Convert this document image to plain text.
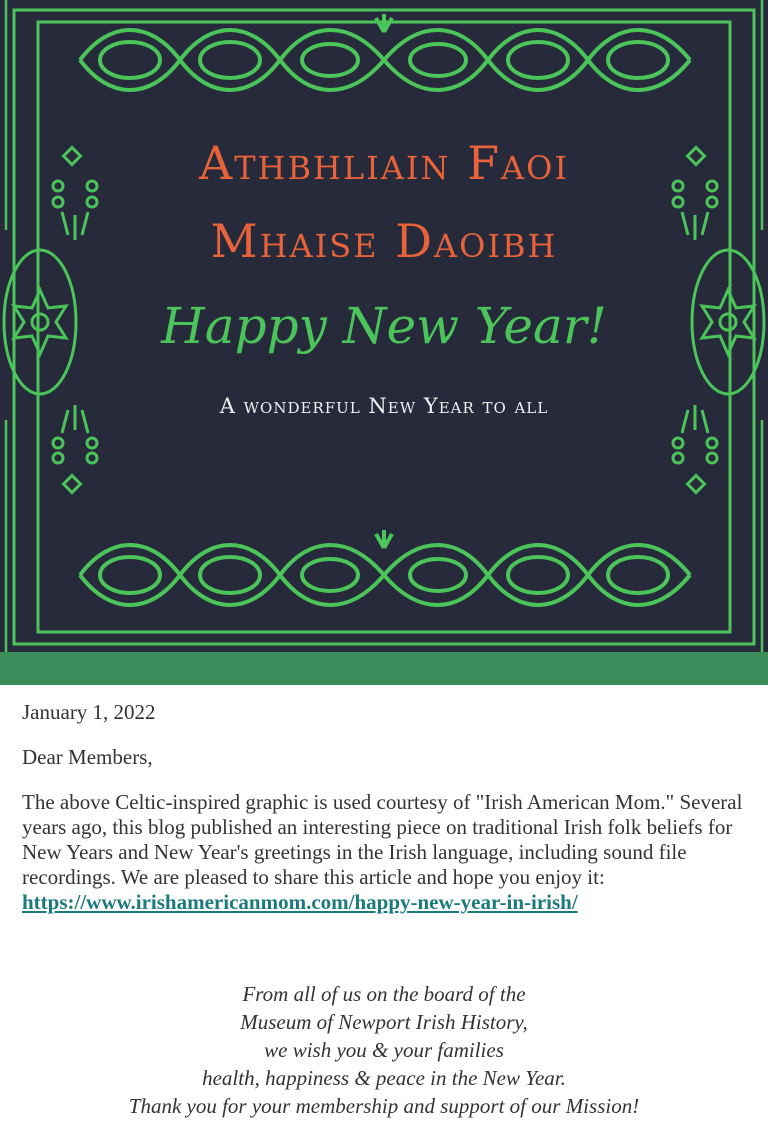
Athbhliain Faoi
Mhaise Daoibh
Happy New Year!
A wonderful New Year to all

January 1, 2022

Dear Members,

The above Celtic-inspired graphic is used courtesy of "Irish American Mom." Several years ago, this blog published an interesting piece on traditional Irish folk beliefs for New Years and New Year's greetings in the Irish language, including sound file recordings. We are pleased to share this article and hope you enjoy it: https://www.irishamericanmom.com/happy-new-year-in-irish/

From all of us on the board of the
Museum of Newport Irish History,
we wish you & your families
health, happiness & peace in the New Year.
Thank you for your membership and support of our Mission!
